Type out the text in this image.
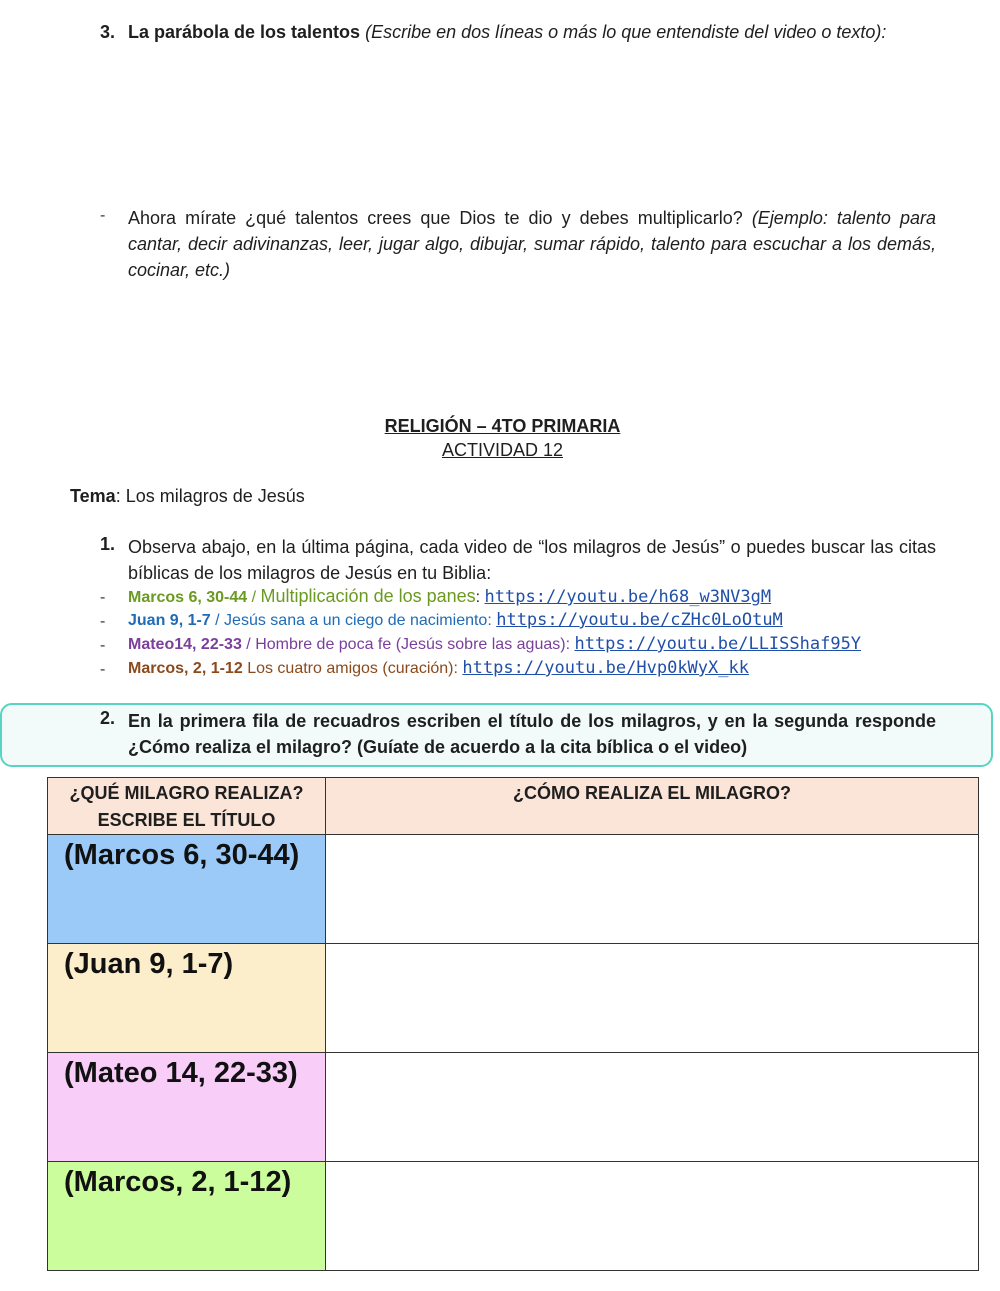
3. La parábola de los talentos (Escribe en dos líneas o más lo que entendiste del video o texto):
- Ahora mírate ¿qué talentos crees que Dios te dio y debes multiplicarlo? (Ejemplo: talento para cantar, decir adivinanzas, leer, jugar algo, dibujar, sumar rápido, talento para escuchar a los demás, cocinar, etc.)
RELIGIÓN – 4TO PRIMARIA
ACTIVIDAD 12
Tema: Los milagros de Jesús
1. Observa abajo, en la última página, cada video de “los milagros de Jesús” o puedes buscar las citas bíblicas de los milagros de Jesús en tu Biblia:
- Marcos 6, 30-44 / Multiplicación de los panes: https://youtu.be/h68_w3NV3gM
- Juan 9, 1-7 / Jesús sana a un ciego de nacimiento: https://youtu.be/cZHc0LoOtuM
- Mateo14, 22-33 / Hombre de poca fe (Jesús sobre las aguas): https://youtu.be/LLISShaf95Y
- Marcos, 2, 1-12 Los cuatro amigos (curación): https://youtu.be/Hvp0kWyX_kk
2. En la primera fila de recuadros escriben el título de los milagros, y en la segunda responde ¿Cómo realiza el milagro? (Guíate de acuerdo a la cita bíblica o el video)
¿QUÉ MILAGRO REALIZA? ESCRIBE EL TÍTULO	¿CÓMO REALIZA EL MILAGRO?

(Marcos 6, 30-44)	

(Juan 9, 1-7)	

(Mateo 14, 22-33)	

(Marcos, 2, 1-12)	
